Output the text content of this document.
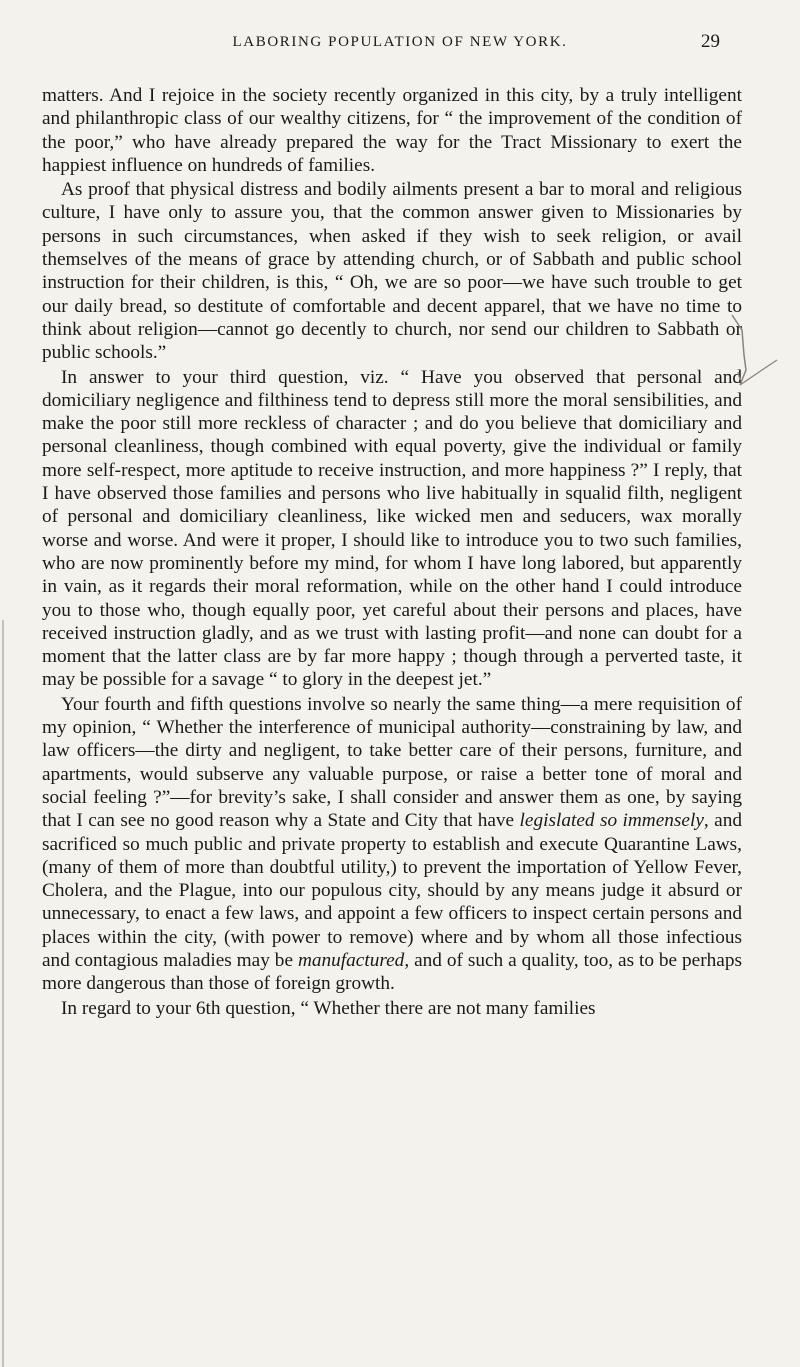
LABORING POPULATION OF NEW YORK.	29

matters. And I rejoice in the society recently organized in this city, by a truly intelligent and philanthropic class of our wealthy citizens, for “ the improvement of the condition of the poor,” who have already prepared the way for the Tract Missionary to exert the happiest influence on hundreds of families.

As proof that physical distress and bodily ailments present a bar to moral and religious culture, I have only to assure you, that the common answer given to Missionaries by persons in such circumstances, when asked if they wish to seek religion, or avail themselves of the means of grace by attending church, or of Sabbath and public school instruction for their children, is this, “ Oh, we are so poor—we have such trouble to get our daily bread, so destitute of comfortable and decent apparel, that we have no time to think about religion—cannot go decently to church, nor send our children to Sabbath or public schools.”

In answer to your third question, viz. “ Have you observed that personal and domiciliary negligence and filthiness tend to depress still more the moral sensibilities, and make the poor still more reckless of character ; and do you believe that domiciliary and personal cleanliness, though combined with equal poverty, give the individual or family more self-respect, more aptitude to receive instruction, and more happiness ?” I reply, that I have observed those families and persons who live habitually in squalid filth, negligent of personal and domiciliary cleanliness, like wicked men and seducers, wax morally worse and worse. And were it proper, I should like to introduce you to two such families, who are now prominently before my mind, for whom I have long labored, but apparently in vain, as it regards their moral reformation, while on the other hand I could introduce you to those who, though equally poor, yet careful about their persons and places, have received instruction gladly, and as we trust with lasting profit—and none can doubt for a moment that the latter class are by far more happy ; though through a perverted taste, it may be possible for a savage “ to glory in the deepest jet.”

Your fourth and fifth questions involve so nearly the same thing—a mere requisition of my opinion, “ Whether the interference of municipal authority—constraining by law, and law officers—the dirty and negligent, to take better care of their persons, furniture, and apartments, would subserve any valuable purpose, or raise a better tone of moral and social feeling ?”—for brevity’s sake, I shall consider and answer them as one, by saying that I can see no good reason why a State and City that have legislated so immensely, and sacrificed so much public and private property to establish and execute Quarantine Laws, (many of them of more than doubtful utility,) to prevent the importation of Yellow Fever, Cholera, and the Plague, into our populous city, should by any means judge it absurd or unnecessary, to enact a few laws, and appoint a few officers to inspect certain persons and places within the city, (with power to remove) where and by whom all those infectious and contagious maladies may be manufactured, and of such a quality, too, as to be perhaps more dangerous than those of foreign growth.

In regard to your 6th question, “ Whether there are not many families
